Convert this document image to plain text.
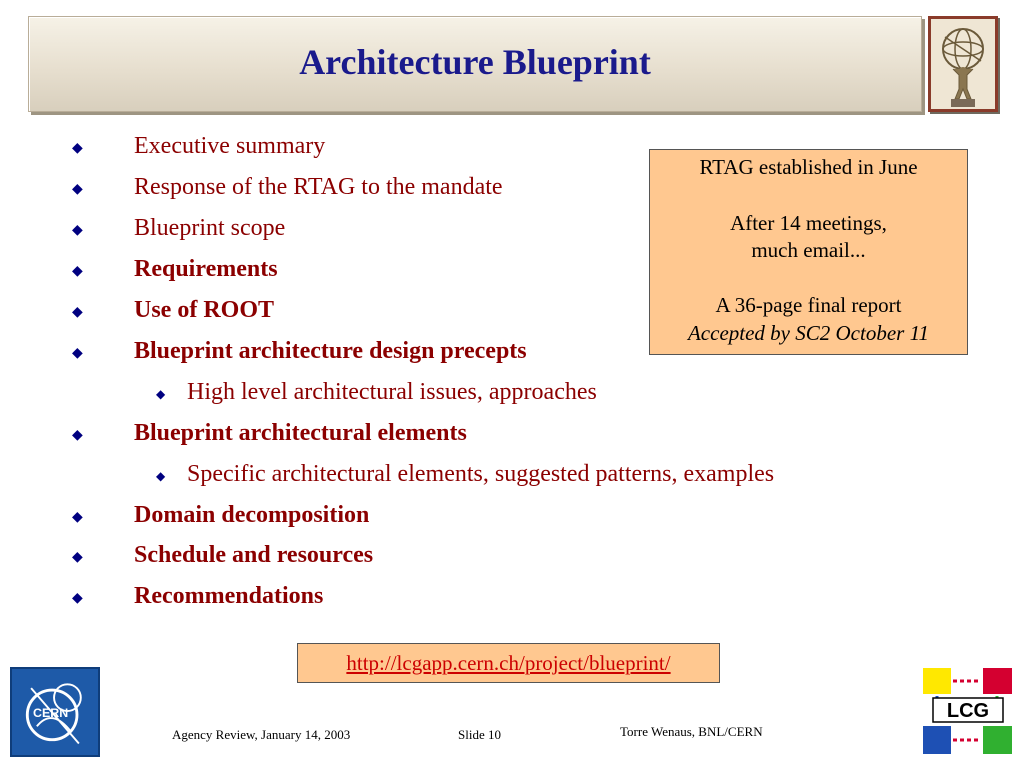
Architecture Blueprint
◆ Executive summary
◆ Response of the RTAG to the mandate
◆ Blueprint scope
◆ Requirements
◆ Use of ROOT
◆ Blueprint architecture design precepts
◆ High level architectural issues, approaches
◆ Blueprint architectural elements
◆ Specific architectural elements, suggested patterns, examples
◆ Domain decomposition
◆ Schedule and resources
◆ Recommendations
RTAG established in June
After 14 meetings,
much email...
A 36-page final report
Accepted by SC2 October 11
http://lcgapp.cern.ch/project/blueprint/
CERN	LCG
Agency Review, January 14, 2003	Slide 10	Torre Wenaus, BNL/CERN
